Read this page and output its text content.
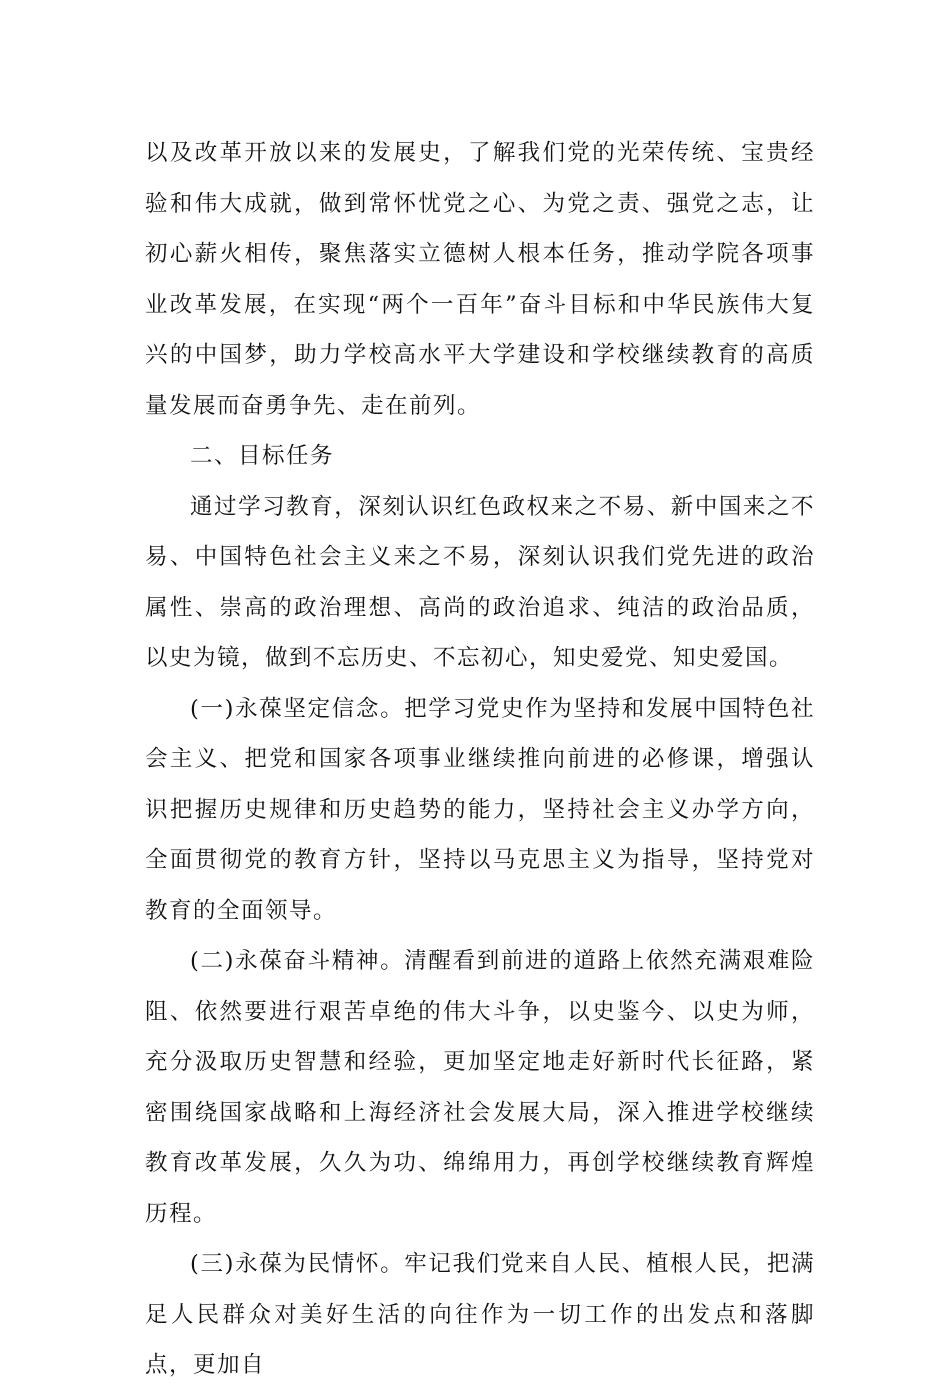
以及改革开放以来的发展史，了解我们党的光荣传统、宝贵经验和伟大成就，做到常怀忧党之心、为党之责、强党之志，让初心薪火相传，聚焦落实立德树人根本任务，推动学院各项事业改革发展，在实现“两个一百年”奋斗目标和中华民族伟大复兴的中国梦，助力学校高水平大学建设和学校继续教育的高质量发展而奋勇争先、走在前列。

二、目标任务

通过学习教育，深刻认识红色政权来之不易、新中国来之不易、中国特色社会主义来之不易，深刻认识我们党先进的政治属性、崇高的政治理想、高尚的政治追求、纯洁的政治品质，以史为镜，做到不忘历史、不忘初心，知史爱党、知史爱国。

(一)永葆坚定信念。把学习党史作为坚持和发展中国特色社会主义、把党和国家各项事业继续推向前进的必修课，增强认识把握历史规律和历史趋势的能力，坚持社会主义办学方向，全面贯彻党的教育方针，坚持以马克思主义为指导，坚持党对教育的全面领导。

(二)永葆奋斗精神。清醒看到前进的道路上依然充满艰难险阻、依然要进行艰苦卓绝的伟大斗争，以史鉴今、以史为师，充分汲取历史智慧和经验，更加坚定地走好新时代长征路，紧密围绕国家战略和上海经济社会发展大局，深入推进学校继续教育改革发展，久久为功、绵绵用力，再创学校继续教育辉煌历程。

(三)永葆为民情怀。牢记我们党来自人民、植根人民，把满足人民群众对美好生活的向往作为一切工作的出发点和落脚点，更加自
